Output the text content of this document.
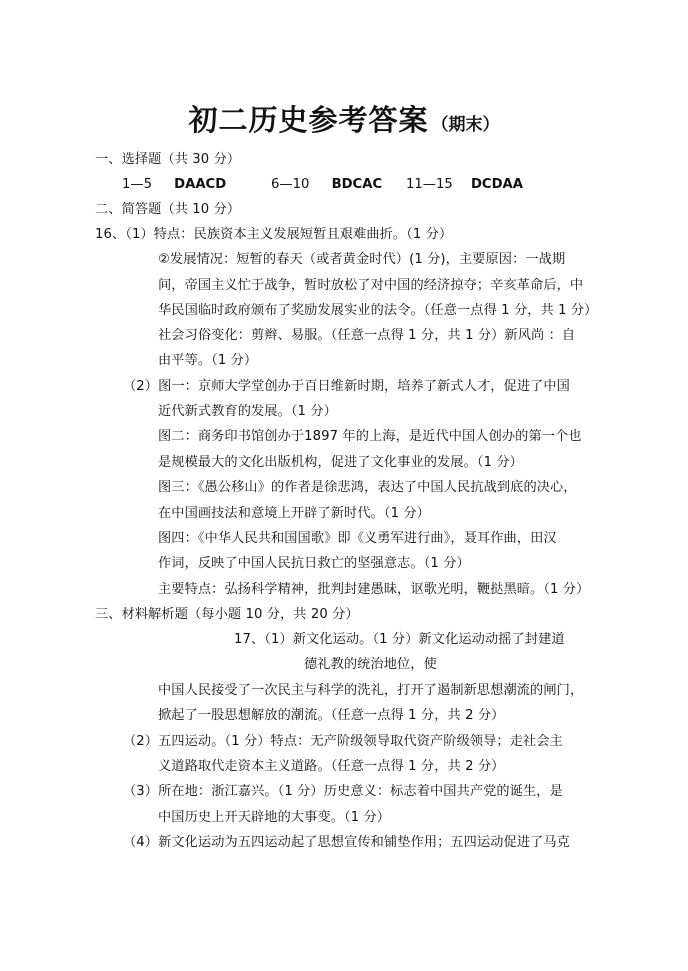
初二历史参考答案 （期末）
一、选择题（共 30 分）
1—5 DAACD	6—10 BDCAC 11—15 DCDAA
二、简答题（共 10 分）
16、（1）特点：民族资本主义发展短暂且艰难曲折。（1 分）
②发展情况：短暂的春天（或者黄金时代）(1 分)，主要原因：一战期
间，帝国主义忙于战争，暂时放松了对中国的经济掠夺；辛亥革命后，中
华民国临时政府颁布了奖励发展实业的法令。（任意一点得 1 分，共 1 分）
社会习俗变化：剪辫、易服。（任意一点得 1 分，共 1 分）新风尚 ：自
由平等。（1 分）
（2）图一：京师大学堂创办于百日维新时期，培养了新式人才，促进了中国
近代新式教育的发展。（1 分）
图二：商务印书馆创办于1897 年的上海，是近代中国人创办的第一个也
是规模最大的文化出版机构，促进了文化事业的发展。（1 分）
图三：《愚公移山》的作者是徐悲鸿，表达了中国人民抗战到底的决心，
在中国画技法和意境上开辟了新时代。（1 分）
图四：《中华人民共和国国歌》即《义勇军进行曲》，聂耳作曲，田汉
作词，反映了中国人民抗日救亡的坚强意志。（1 分）
主要特点：弘扬科学精神，批判封建愚昧，讴歌光明，鞭挞黑暗。（1 分）
三、材料解析题（每小题 10 分，共 20 分）
17、（1）新文化运动。（1 分）新文化运动动摇了封建道
德礼教的统治地位，使
中国人民接受了一次民主与科学的洗礼，打开了遏制新思想潮流的闸门，
掀起了一股思想解放的潮流。（任意一点得 1 分，共 2 分）
（2）五四运动。（1 分）特点：无产阶级领导取代资产阶级领导；走社会主
义道路取代走资本主义道路。（任意一点得 1 分，共 2 分）
（3）所在地：浙江嘉兴。（1 分）历史意义：标志着中国共产党的诞生，是
中国历史上开天辟地的大事变。（1 分）
（4）新文化运动为五四运动起了思想宣传和铺垫作用；五四运动促进了马克
